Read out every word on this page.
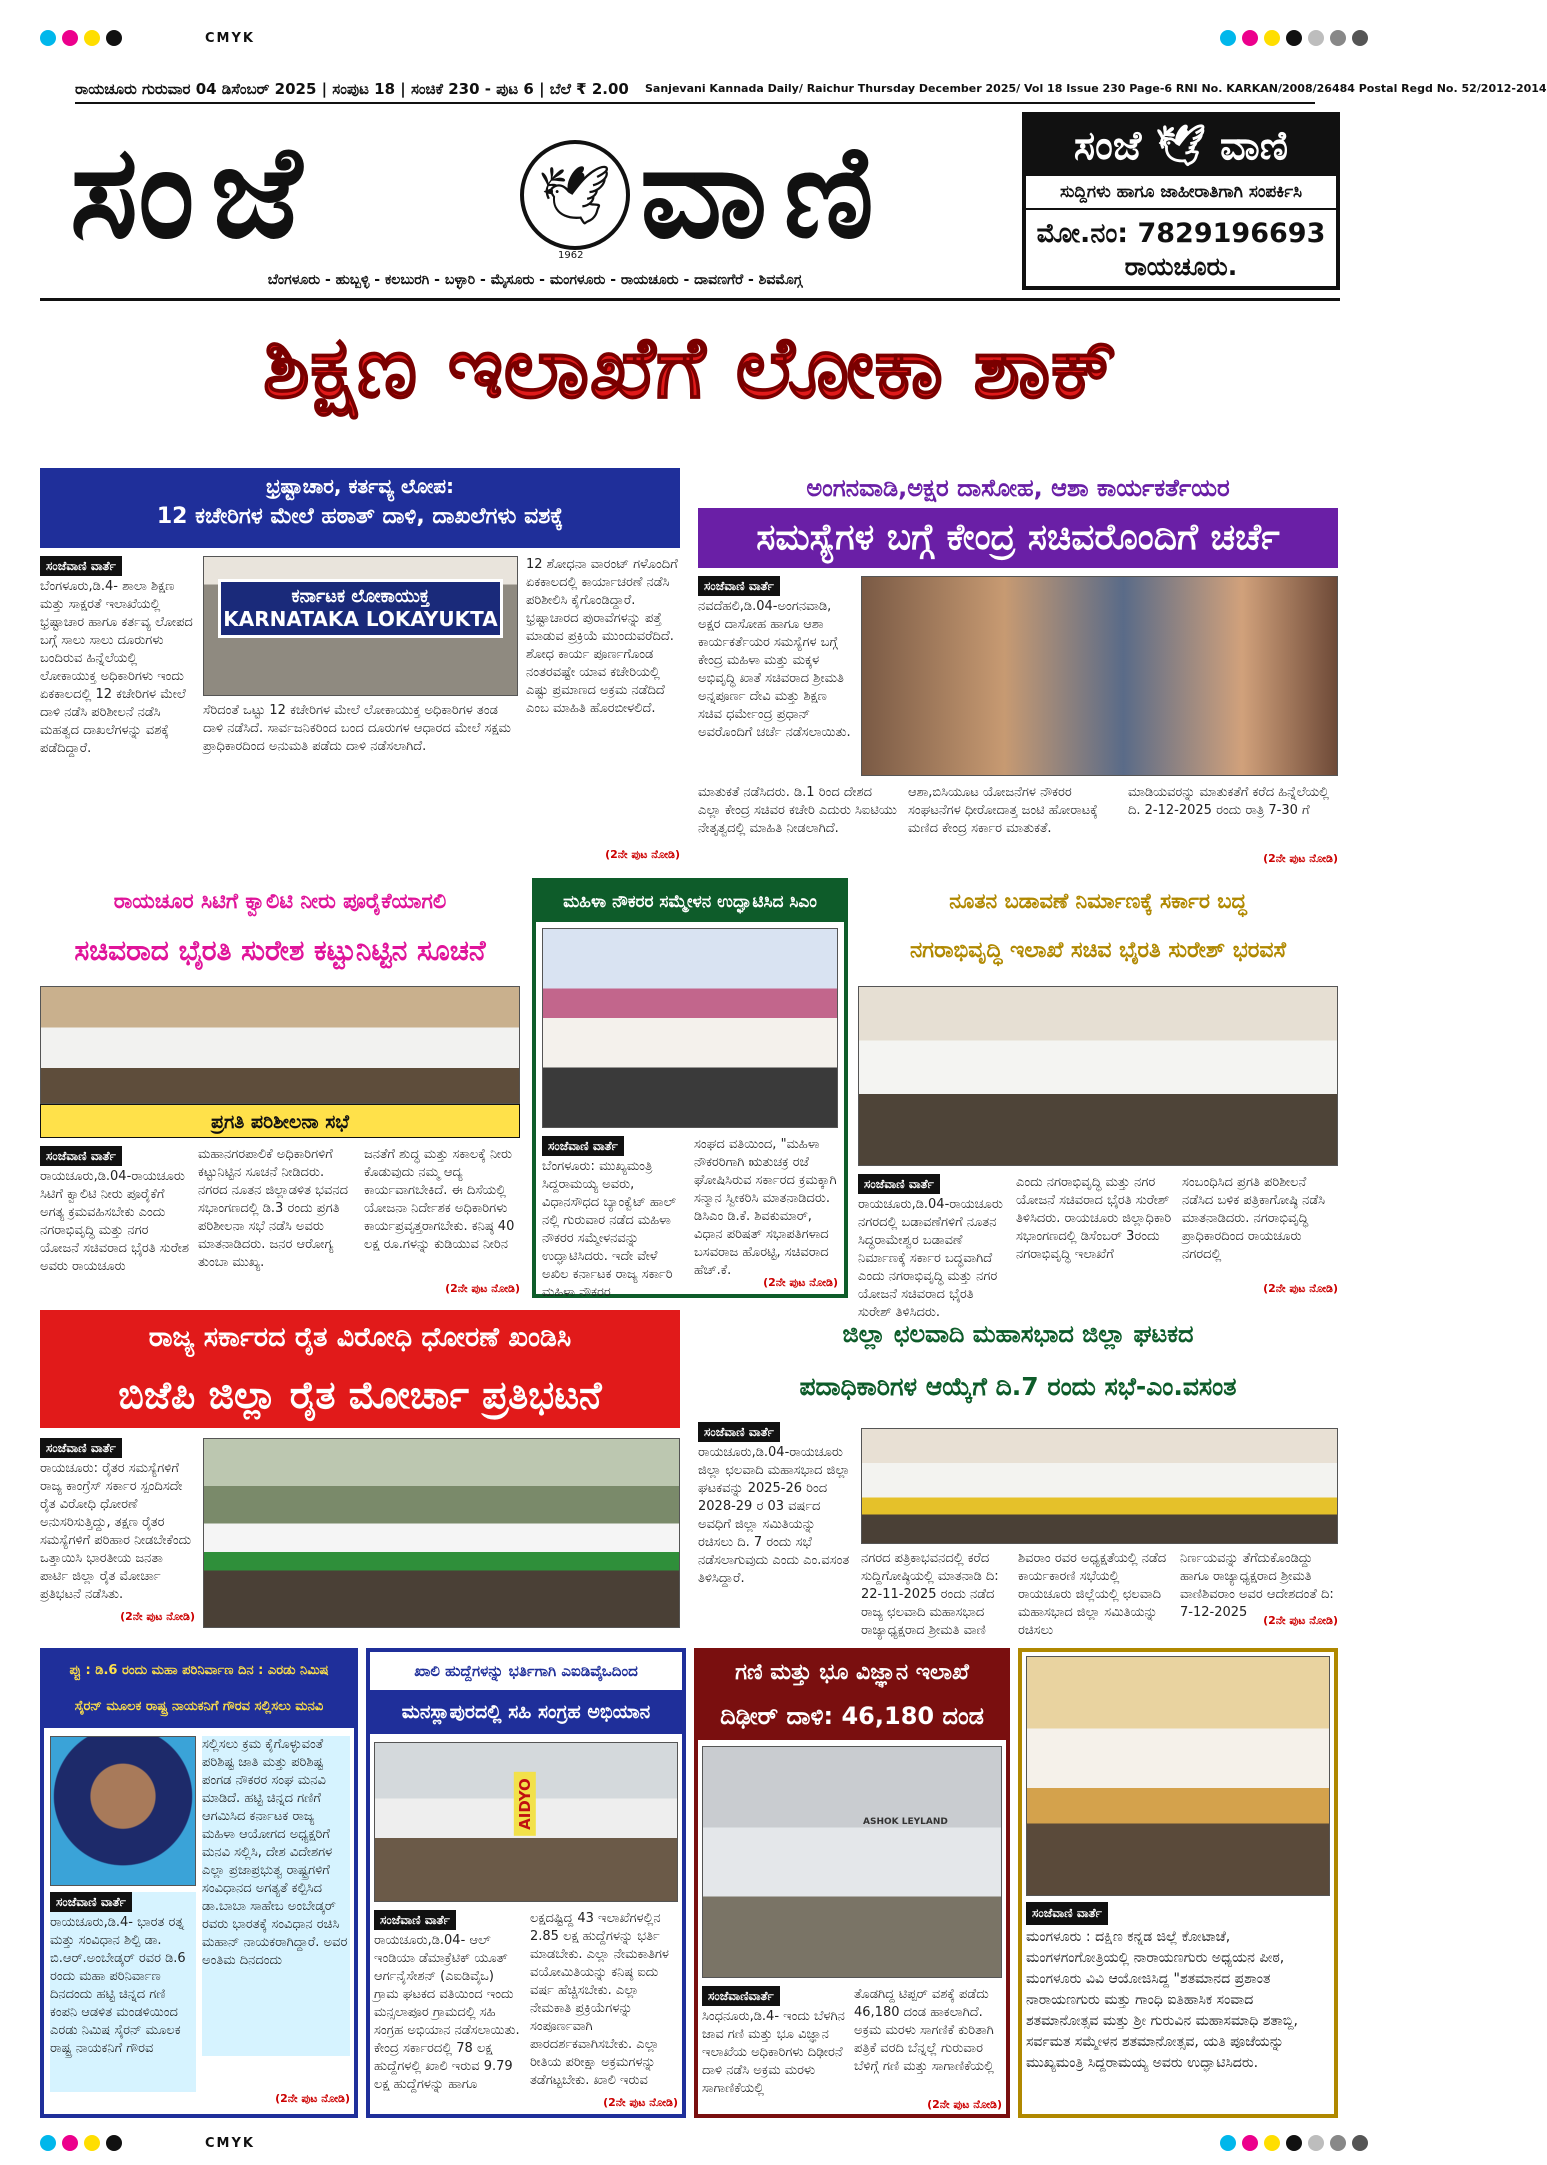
CMYK
CMYK
ರಾಯಚೂರು ಗುರುವಾರ 04 ಡಿಸೆಂಬರ್ 2025 | ಸಂಪುಟ 18 | ಸಂಚಿಕೆ 230 - ಪುಟ 6 | ಬೆಲೆ ₹ 2.00	Sanjevani Kannada Daily/ Raichur Thursday December 2025/ Vol 18 Issue 230 Page-6 RNI No. KARKAN/2008/26484 Postal Regd No. 52/2012-2014
ಸಂಜೆ	🕊
1962 ವಾಣಿ
ಬೆಂಗಳೂರು - ಹುಬ್ಬಳ್ಳಿ - ಕಲಬುರಗಿ - ಬಳ್ಳಾರಿ - ಮೈಸೂರು - ಮಂಗಳೂರು - ರಾಯಚೂರು - ದಾವಣಗೆರೆ - ಶಿವಮೊಗ್ಗ
ಸಂಜೆ 🕊 ವಾಣಿ
ಸುದ್ದಿಗಳು ಹಾಗೂ ಜಾಹೀರಾತಿಗಾಗಿ ಸಂಪರ್ಕಿಸಿ
ಮೋ.ನಂ: 7829196693
ರಾಯಚೂರು.
ಶಿಕ್ಷಣ ಇಲಾಖೆಗೆ ಲೋಕಾ ಶಾಕ್
ಭ್ರಷ್ಟಾಚಾರ, ಕರ್ತವ್ಯ ಲೋಪ:
12 ಕಚೇರಿಗಳ ಮೇಲೆ ಹಠಾತ್ ದಾಳಿ, ದಾಖಲೆಗಳು ವಶಕ್ಕೆ
ಸಂಜೆವಾಣಿ ವಾರ್ತೆ
ಬೆಂಗಳೂರು,ಡಿ.4- ಶಾಲಾ ಶಿಕ್ಷಣ ಮತ್ತು ಸಾಕ್ಷರತೆ ಇಲಾಖೆಯಲ್ಲಿ ಭ್ರಷ್ಟಾಚಾರ ಹಾಗೂ ಕರ್ತವ್ಯ ಲೋಪದ ಬಗ್ಗೆ ಸಾಲು ಸಾಲು ದೂರುಗಳು ಬಂದಿರುವ ಹಿನ್ನೆಲೆಯಲ್ಲಿ ಲೋಕಾಯುಕ್ತ ಅಧಿಕಾರಿಗಳು ಇಂದು ಏಕಕಾಲದಲ್ಲಿ 12 ಕಚೇರಿಗಳ ಮೇಲೆ ದಾಳಿ ನಡೆಸಿ ಪರಿಶೀಲನೆ ನಡೆಸಿ ಮಹತ್ವದ ದಾಖಲೆಗಳನ್ನು ವಶಕ್ಕೆ ಪಡೆದಿದ್ದಾರೆ.
ಕರ್ನಾಟಕ ಲೋಕಾಯುಕ್ತ
KARNATAKA LOKAYUKTA
ಸೆರಿದಂತೆ ಒಟ್ಟು 12 ಕಚೇರಿಗಳ ಮೇಲೆ ಲೋಕಾಯುಕ್ತ ಅಧಿಕಾರಿಗಳ ತಂಡ ದಾಳಿ ನಡೆಸಿದೆ. ಸಾರ್ವಜನಿಕರಿಂದ ಬಂದ ದೂರುಗಳ ಆಧಾರದ ಮೇಲೆ ಸಕ್ಷಮ ಪ್ರಾಧಿಕಾರದಿಂದ ಅನುಮತಿ ಪಡೆದು ದಾಳಿ ನಡೆಸಲಾಗಿದೆ.
12 ಶೋಧನಾ ವಾರಂಟ್ ಗಳೊಂದಿಗೆ ಏಕಕಾಲದಲ್ಲಿ ಕಾರ್ಯಾಚರಣೆ ನಡೆಸಿ ಪರಿಶೀಲಿಸಿ ಕೈಗೊಂಡಿದ್ದಾರೆ. ಭ್ರಷ್ಟಾಚಾರದ ಪುರಾವೆಗಳನ್ನು ಪತ್ತೆ ಮಾಡುವ ಪ್ರಕ್ರಿಯೆ ಮುಂದುವರೆದಿದೆ. ಶೋಧ ಕಾರ್ಯ ಪೂರ್ಣಗೊಂಡ ನಂತರವಷ್ಟೇ ಯಾವ ಕಚೇರಿಯಲ್ಲಿ ಎಷ್ಟು ಪ್ರಮಾಣದ ಅಕ್ರಮ ನಡೆದಿದೆ ಎಂಬ ಮಾಹಿತಿ ಹೊರಬೀಳಲಿದೆ.
(2ನೇ ಪುಟ ನೋಡಿ)
ಅಂಗನವಾಡಿ,ಅಕ್ಷರ ದಾಸೋಹ, ಆಶಾ ಕಾರ್ಯಕರ್ತೆಯರ
ಸಮಸ್ಯೆಗಳ ಬಗ್ಗೆ ಕೇಂದ್ರ ಸಚಿವರೊಂದಿಗೆ ಚರ್ಚೆ
ಸಂಜೆವಾಣಿ ವಾರ್ತೆ
ನವದೆಹಲಿ,ಡಿ.04-ಅಂಗನವಾಡಿ, ಅಕ್ಷರ ದಾಸೋಹ ಹಾಗೂ ಆಶಾ ಕಾರ್ಯಕರ್ತೆಯರ ಸಮಸ್ಯೆಗಳ ಬಗ್ಗೆ ಕೇಂದ್ರ ಮಹಿಳಾ ಮತ್ತು ಮಕ್ಕಳ ಅಭಿವೃದ್ಧಿ ಖಾತೆ ಸಚಿವರಾದ ಶ್ರೀಮತಿ ಅನ್ನಪೂರ್ಣ ದೇವಿ ಮತ್ತು ಶಿಕ್ಷಣ ಸಚಿವ ಧರ್ಮೇಂದ್ರ ಪ್ರಧಾನ್ ಅವರೊಂದಿಗೆ ಚರ್ಚೆ ನಡೆಸಲಾಯಿತು.
ಮಾತುಕತೆ ನಡೆಸಿದರು. ಡಿ.1 ರಿಂದ ದೇಶದ ಎಲ್ಲಾ ಕೇಂದ್ರ ಸಚಿವರ ಕಚೇರಿ ಎದುರು ಸಿಐಟಿಯು ನೇತೃತ್ವದಲ್ಲಿ ಮಾಹಿತಿ ನೀಡಲಾಗಿದೆ.
ಆಶಾ,ಬಿಸಿಯೂಟ ಯೋಜನೆಗಳ ನೌಕರರ ಸಂಘಟನೆಗಳ ಧೀರೋದಾತ್ತ ಜಂಟಿ ಹೋರಾಟಕ್ಕೆ ಮಣಿದ ಕೇಂದ್ರ ಸರ್ಕಾರ ಮಾತುಕತೆ.
ಮಾಡಿಯವರನ್ನು ಮಾತುಕತೆಗೆ ಕರೆದ ಹಿನ್ನೆಲೆಯಲ್ಲಿ ದಿ. 2-12-2025 ರಂದು ರಾತ್ರಿ 7-30 ಗೆ
(2ನೇ ಪುಟ ನೋಡಿ)
ರಾಯಚೂರ ಸಿಟಿಗೆ ಕ್ವಾಲಿಟಿ ನೀರು ಪೂರೈಕೆಯಾಗಲಿ
ಸಚಿವರಾದ ಭೈರತಿ ಸುರೇಶ ಕಟ್ಟುನಿಟ್ಟಿನ ಸೂಚನೆ
ಪ್ರಗತಿ ಪರಿಶೀಲನಾ ಸಭೆ
ಸಂಜೆವಾಣಿ ವಾರ್ತೆ
ರಾಯಚೂರು,ಡಿ.04-ರಾಯಚೂರು ಸಿಟಿಗೆ ಕ್ವಾಲಿಟಿ ನೀರು ಪೂರೈಕೆಗೆ ಅಗತ್ಯ ಕ್ರಮವಹಿಸಬೇಕು ಎಂದು ನಗರಾಭಿವೃದ್ಧಿ ಮತ್ತು ನಗರ ಯೋಜನೆ ಸಚಿವರಾದ ಭೈರತಿ ಸುರೇಶ ಅವರು ರಾಯಚೂರು
ಮಹಾನಗರಪಾಲಿಕೆ ಅಧಿಕಾರಿಗಳಿಗೆ ಕಟ್ಟುನಿಟ್ಟಿನ ಸೂಚನೆ ನೀಡಿದರು. ನಗರದ ನೂತನ ಜಿಲ್ಲಾಡಳಿತ ಭವನದ ಸಭಾಂಗಣದಲ್ಲಿ ಡಿ.3 ರಂದು ಪ್ರಗತಿ ಪರಿಶೀಲನಾ ಸಭೆ ನಡೆಸಿ ಅವರು ಮಾತನಾಡಿದರು. ಜನರ ಆರೋಗ್ಯ ತುಂಬಾ ಮುಖ್ಯ.
ಜನತೆಗೆ ಶುದ್ಧ ಮತ್ತು ಸಕಾಲಕ್ಕೆ ನೀರು ಕೊಡುವುದು ನಮ್ಮ ಆದ್ಯ ಕಾರ್ಯವಾಗಬೇಕಿದೆ. ಈ ದಿಸೆಯಲ್ಲಿ ಯೋಜನಾ ನಿರ್ದೇಶಕ ಅಧಿಕಾರಿಗಳು ಕಾರ್ಯಪ್ರವೃತ್ತರಾಗಬೇಕು. ಕನಿಷ್ಠ 40 ಲಕ್ಷ ರೂ.ಗಳನ್ನು ಕುಡಿಯುವ ನೀರಿನ
(2ನೇ ಪುಟ ನೋಡಿ)
ಮಹಿಳಾ ನೌಕರರ ಸಮ್ಮೇಳನ ಉದ್ಘಾಟಿಸಿದ ಸಿಎಂ
ಸಂಜೆವಾಣಿ ವಾರ್ತೆ
ಬೆಂಗಳೂರು: ಮುಖ್ಯಮಂತ್ರಿ ಸಿದ್ದರಾಮಯ್ಯ ಅವರು, ವಿಧಾನಸೌಧದ ಬ್ಯಾಂಕ್ವೆಟ್ ಹಾಲ್ ನಲ್ಲಿ ಗುರುವಾರ ನಡೆದ ಮಹಿಳಾ ನೌಕರರ ಸಮ್ಮೇಳನವನ್ನು ಉದ್ಘಾಟಿಸಿದರು. ಇದೇ ವೇಳೆ ಅಖಿಲ ಕರ್ನಾಟಕ ರಾಜ್ಯ ಸರ್ಕಾರಿ ಮಹಿಳಾ ನೌಕರರ
ಸಂಘದ ವತಿಯಿಂದ, "ಮಹಿಳಾ ನೌಕರರಿಗಾಗಿ ಋತುಚಕ್ರ ರಜೆ ಘೋಷಿಸಿರುವ ಸರ್ಕಾರದ ಕ್ರಮಕ್ಕಾಗಿ ಸನ್ಮಾನ ಸ್ವೀಕರಿಸಿ ಮಾತನಾಡಿದರು. ಡಿಸಿಎಂ ಡಿ.ಕೆ. ಶಿವಕುಮಾರ್, ವಿಧಾನ ಪರಿಷತ್ ಸಭಾಪತಿಗಳಾದ ಬಸವರಾಜ ಹೊರಟ್ಟಿ, ಸಚಿವರಾದ ಹೆಚ್.ಕೆ.
(2ನೇ ಪುಟ ನೋಡಿ)
ನೂತನ ಬಡಾವಣೆ ನಿರ್ಮಾಣಕ್ಕೆ ಸರ್ಕಾರ ಬದ್ಧ
ನಗರಾಭಿವೃದ್ಧಿ ಇಲಾಖೆ ಸಚಿವ ಭೈರತಿ ಸುರೇಶ್ ಭರವಸೆ
ಸಂಜೆವಾಣಿ ವಾರ್ತೆ
ರಾಯಚೂರು,ಡಿ.04-ರಾಯಚೂರು ನಗರದಲ್ಲಿ ಬಡಾವಣೆಗಳಿಗೆ ನೂತನ ಸಿದ್ಧರಾಮೇಶ್ವರ ಬಡಾವಣೆ ನಿರ್ಮಾಣಕ್ಕೆ ಸರ್ಕಾರ ಬದ್ಧವಾಗಿದೆ ಎಂದು ನಗರಾಭಿವೃದ್ಧಿ ಮತ್ತು ನಗರ ಯೋಜನೆ ಸಚಿವರಾದ ಭೈರತಿ ಸುರೇಶ್ ತಿಳಿಸಿದರು.
ಎಂದು ನಗರಾಭಿವೃದ್ಧಿ ಮತ್ತು ನಗರ ಯೋಜನೆ ಸಚಿವರಾದ ಭೈರತಿ ಸುರೇಶ್ ತಿಳಿಸಿದರು. ರಾಯಚೂರು ಜಿಲ್ಲಾಧಿಕಾರಿ ಸಭಾಂಗಣದಲ್ಲಿ ಡಿಸೆಂಬರ್ 3ರಂದು ನಗರಾಭಿವೃದ್ಧಿ ಇಲಾಖೆಗೆ
ಸಂಬಂಧಿಸಿದ ಪ್ರಗತಿ ಪರಿಶೀಲನೆ ನಡೆಸಿದ ಬಳಿಕ ಪತ್ರಿಕಾಗೋಷ್ಠಿ ನಡೆಸಿ ಮಾತನಾಡಿದರು. ನಗರಾಭಿವೃದ್ಧಿ ಪ್ರಾಧಿಕಾರದಿಂದ ರಾಯಚೂರು ನಗರದಲ್ಲಿ
(2ನೇ ಪುಟ ನೋಡಿ)
ರಾಜ್ಯ ಸರ್ಕಾರದ ರೈತ ವಿರೋಧಿ ಧೋರಣೆ ಖಂಡಿಸಿ
ಬಿಜೆಪಿ ಜಿಲ್ಲಾ ರೈತ ಮೋರ್ಚಾ ಪ್ರತಿಭಟನೆ
ಸಂಜೆವಾಣಿ ವಾರ್ತೆ
ರಾಯಚೂರು: ರೈತರ ಸಮಸ್ಯೆಗಳಿಗೆ ರಾಜ್ಯ ಕಾಂಗ್ರೆಸ್ ಸರ್ಕಾರ ಸ್ಪಂದಿಸದೇ ರೈತ ವಿರೋಧಿ ಧೋರಣೆ ಅನುಸರಿಸುತ್ತಿದ್ದು, ತಕ್ಷಣ ರೈತರ ಸಮಸ್ಯೆಗಳಿಗೆ ಪರಿಹಾರ ನೀಡಬೇಕೆಂದು ಒತ್ತಾಯಿಸಿ ಭಾರತೀಯ ಜನತಾ ಪಾರ್ಟಿ ಜಿಲ್ಲಾ ರೈತ ಮೋರ್ಚಾ ಪ್ರತಿಭಟನೆ ನಡೆಸಿತು.
(2ನೇ ಪುಟ ನೋಡಿ)
ಜಿಲ್ಲಾ ಛಲವಾದಿ ಮಹಾಸಭಾದ ಜಿಲ್ಲಾ ಘಟಕದ
ಪದಾಧಿಕಾರಿಗಳ ಆಯ್ಕೆಗೆ ದಿ.7 ರಂದು ಸಭೆ-ಎಂ.ವಸಂತ
ಸಂಜೆವಾಣಿ ವಾರ್ತೆ
ರಾಯಚೂರು,ಡಿ.04-ರಾಯಚೂರು ಜಿಲ್ಲಾ ಛಲವಾದಿ ಮಹಾಸಭಾದ ಜಿಲ್ಲಾ ಘಟಕವನ್ನು 2025-26 ರಿಂದ 2028-29 ರ 03 ವರ್ಷದ ಅವಧಿಗೆ ಜಿಲ್ಲಾ ಸಮಿತಿಯನ್ನು ರಚಿಸಲು ದಿ. 7 ರಂದು ಸಭೆ ನಡೆಸಲಾಗುವುದು ಎಂದು ಎಂ.ವಸಂತ ತಿಳಿಸಿದ್ದಾರೆ.
ನಗರದ ಪತ್ರಿಕಾಭವನದಲ್ಲಿ ಕರೆದ ಸುದ್ದಿಗೋಷ್ಠಿಯಲ್ಲಿ ಮಾತನಾಡಿ ದಿ: 22-11-2025 ರಂದು ನಡೆದ ರಾಜ್ಯ ಛಲವಾದಿ ಮಹಾಸಭಾದ ರಾಜ್ಯಾಧ್ಯಕ್ಷರಾದ ಶ್ರೀಮತಿ ವಾಣಿ
ಶಿವರಾಂ ರವರ ಅಧ್ಯಕ್ಷತೆಯಲ್ಲಿ ನಡೆದ ಕಾರ್ಯಕಾರಣಿ ಸಭೆಯಲ್ಲಿ ರಾಯಚೂರು ಜಿಲ್ಲೆಯಲ್ಲಿ ಛಲವಾದಿ ಮಹಾಸಭಾದ ಜಿಲ್ಲಾ ಸಮಿತಿಯನ್ನು ರಚಿಸಲು
ನಿರ್ಣಯವನ್ನು ತೆಗೆದುಕೊಂಡಿದ್ದು ಹಾಗೂ ರಾಜ್ಯಾಧ್ಯಕ್ಷರಾದ ಶ್ರೀಮತಿ ವಾಣಿಶಿವರಾಂ ಅವರ ಆದೇಶದಂತೆ ದಿ: 7-12-2025
(2ನೇ ಪುಟ ನೋಡಿ)
ಪ್ಟು : ಡಿ.6 ರಂದು ಮಹಾ ಪರಿನಿರ್ವಾಣ ದಿನ : ಎರಡು ನಿಮಿಷ
ಸೈರನ್ ಮೂಲಕ ರಾಷ್ಟ್ರ ನಾಯಕನಿಗೆ ಗೌರವ ಸಲ್ಲಿಸಲು ಮನವಿ
ಸಲ್ಲಿಸಲು ಕ್ರಮ ಕೈಗೊಳ್ಳುವಂತೆ ಪರಿಶಿಷ್ಟ ಜಾತಿ ಮತ್ತು ಪರಿಶಿಷ್ಟ ಪಂಗಡ ನೌಕರರ ಸಂಘ ಮನವಿ ಮಾಡಿದೆ. ಹಟ್ಟಿ ಚಿನ್ನದ ಗಣಿಗೆ ಆಗಮಿಸಿದ ಕರ್ನಾಟಕ ರಾಜ್ಯ ಮಹಿಳಾ ಆಯೋಗದ ಅಧ್ಯಕ್ಷರಿಗೆ ಮನವಿ ಸಲ್ಲಿಸಿ, ದೇಶ ವಿದೇಶಗಳ ಎಲ್ಲಾ ಪ್ರಜಾಪ್ರಭುತ್ವ ರಾಷ್ಟ್ರಗಳಿಗೆ ಸಂವಿಧಾನದ ಅಗತ್ಯತೆ ಕಲ್ಪಿಸಿದ ಡಾ.ಬಾಬಾ ಸಾಹೇಬ ಅಂಬೇಡ್ಕರ್ ರವರು ಭಾರತಕ್ಕೆ ಸಂವಿಧಾನ ರಚಿಸಿ ಮಹಾನ್ ನಾಯಕರಾಗಿದ್ದಾರೆ. ಅವರ ಅಂತಿಮ ದಿನದಂದು
ಸಂಜೆವಾಣಿ ವಾರ್ತೆ
ರಾಯಚೂರು,ಡಿ.4- ಭಾರತ ರತ್ನ ಮತ್ತು ಸಂವಿಧಾನ ಶಿಲ್ಪಿ ಡಾ. ಬಿ.ಆರ್.ಅಂಬೇಡ್ಕರ್ ರವರ ಡಿ.6 ರಂದು ಮಹಾ ಪರಿನಿರ್ವಾಣ ದಿನದಂದು ಹಟ್ಟಿ ಚಿನ್ನದ ಗಣಿ ಕಂಪನಿ ಆಡಳಿತ ಮಂಡಳಿಯಿಂದ ಎರಡು ನಿಮಿಷ ಸೈರನ್ ಮೂಲಕ ರಾಷ್ಟ್ರ ನಾಯಕನಿಗೆ ಗೌರವ
(2ನೇ ಪುಟ ನೋಡಿ)
ಖಾಲಿ ಹುದ್ದೆಗಳನ್ನು ಭರ್ತಿಗಾಗಿ ಎಐಡಿವೈಒದಿಂದ
ಮನಸ್ಲಾಪುರದಲ್ಲಿ ಸಹಿ ಸಂಗ್ರಹ ಅಭಿಯಾನ
AIDYO
ಸಂಜೆವಾಣಿ ವಾರ್ತೆ
ರಾಯಚೂರು,ಡಿ.04- ಆಲ್ ಇಂಡಿಯಾ ಡೆಮಾಕ್ರೆಟಿಕ್ ಯೂತ್ ಆರ್ಗನೈಸೇಶನ್ (ಎಐಡಿವೈಒ) ಗ್ರಾಮ ಘಟಕದ ವತಿಯಿಂದ ಇಂದು ಮನ್ಸಲಾಪೂರ ಗ್ರಾಮದಲ್ಲಿ ಸಹಿ ಸಂಗ್ರಹ ಅಭಿಯಾನ ನಡೆಸಲಾಯಿತು. ಕೇಂದ್ರ ಸರ್ಕಾರದಲ್ಲಿ 78 ಲಕ್ಷ ಹುದ್ದೆಗಳಲ್ಲಿ ಖಾಲಿ ಇರುವ 9.79 ಲಕ್ಷ ಹುದ್ದೆಗಳನ್ನು ಹಾಗೂ
ಲಕ್ಷದಷ್ಟಿದ್ದ 43 ಇಲಾಖೆಗಳಲ್ಲಿನ 2.85 ಲಕ್ಷ ಹುದ್ದೆಗಳನ್ನು ಭರ್ತಿ ಮಾಡಬೇಕು. ಎಲ್ಲಾ ನೇಮಕಾತಿಗಳ ವಯೋಮಿತಿಯನ್ನು ಕನಿಷ್ಠ ಐದು ವರ್ಷ ಹೆಚ್ಚಿಸಬೇಕು. ಎಲ್ಲಾ ನೇಮಕಾತಿ ಪ್ರಕ್ರಿಯೆಗಳನ್ನು ಸಂಪೂರ್ಣವಾಗಿ ಪಾರದರ್ಶಕವಾಗಿಸಬೇಕು. ಎಲ್ಲಾ ರೀತಿಯ ಪರೀಕ್ಷಾ ಅಕ್ರಮಗಳನ್ನು ತಡೆಗಟ್ಟಬೇಕು. ಖಾಲಿ ಇರುವ
(2ನೇ ಪುಟ ನೋಡಿ)
ಗಣಿ ಮತ್ತು ಭೂ ವಿಜ್ಞಾನ ಇಲಾಖೆ
ದಿಢೀರ್ ದಾಳಿ: 46,180 ದಂಡ
ASHOK LEYLAND
ಸಂಜೆವಾಣಿವಾರ್ತೆ
ಸಿಂಧನೂರು,ಡಿ.4- ಇಂದು ಬೆಳಗಿನ ಜಾವ ಗಣಿ ಮತ್ತು ಭೂ ವಿಜ್ಞಾನ ಇಲಾಖೆಯ ಅಧಿಕಾರಿಗಳು ದಿಢೀರನೆ ದಾಳಿ ನಡೆಸಿ ಅಕ್ರಮ ಮರಳು ಸಾಗಾಣಿಕೆಯಲ್ಲಿ
ತೊಡಗಿದ್ದ ಟಿಪ್ಪರ್ ವಶಕ್ಕೆ ಪಡೆದು 46,180 ದಂಡ ಹಾಕಲಾಗಿದೆ. ಅಕ್ರಮ ಮರಳು ಸಾಗಣಿಕೆ ಕುರಿತಾಗಿ ಪತ್ರಿಕೆ ವರದಿ ಬೆನ್ನಲ್ಲೆ ಗುರುವಾರ ಬೆಳಿಗ್ಗೆ ಗಣಿ ಮತ್ತು ಸಾಗಾಣಿಕೆಯಲ್ಲಿ
(2ನೇ ಪುಟ ನೋಡಿ)
ಸಂಜೆವಾಣಿ ವಾರ್ತೆ
ಮಂಗಳೂರು : ದಕ್ಷಿಣ ಕನ್ನಡ ಜಿಲ್ಲೆ ಕೋಟಾಚೆ, ಮಂಗಳಗಂಗೋತ್ರಿಯಲ್ಲಿ ನಾರಾಯಣಗುರು ಅಧ್ಯಯನ ಪೀಠ, ಮಂಗಳೂರು ವಿವಿ ಆಯೋಜಿಸಿದ್ದ "ಶತಮಾನದ ಪ್ರಶಾಂತ ನಾರಾಯಣಗುರು ಮತ್ತು ಗಾಂಧಿ ಐತಿಹಾಸಿಕ ಸಂವಾದ ಶತಮಾನೋತ್ಸವ ಮತ್ತು ಶ್ರೀ ಗುರುವಿನ ಮಹಾಸಮಾಧಿ ಶತಾಬ್ದಿ, ಸರ್ವಮತ ಸಮ್ಮೇಳನ ಶತಮಾನೋತ್ಸವ, ಯತಿ ಪೂಜೆಯನ್ನು ಮುಖ್ಯಮಂತ್ರಿ ಸಿದ್ದರಾಮಯ್ಯ ಅವರು ಉದ್ಘಾಟಿಸಿದರು.
